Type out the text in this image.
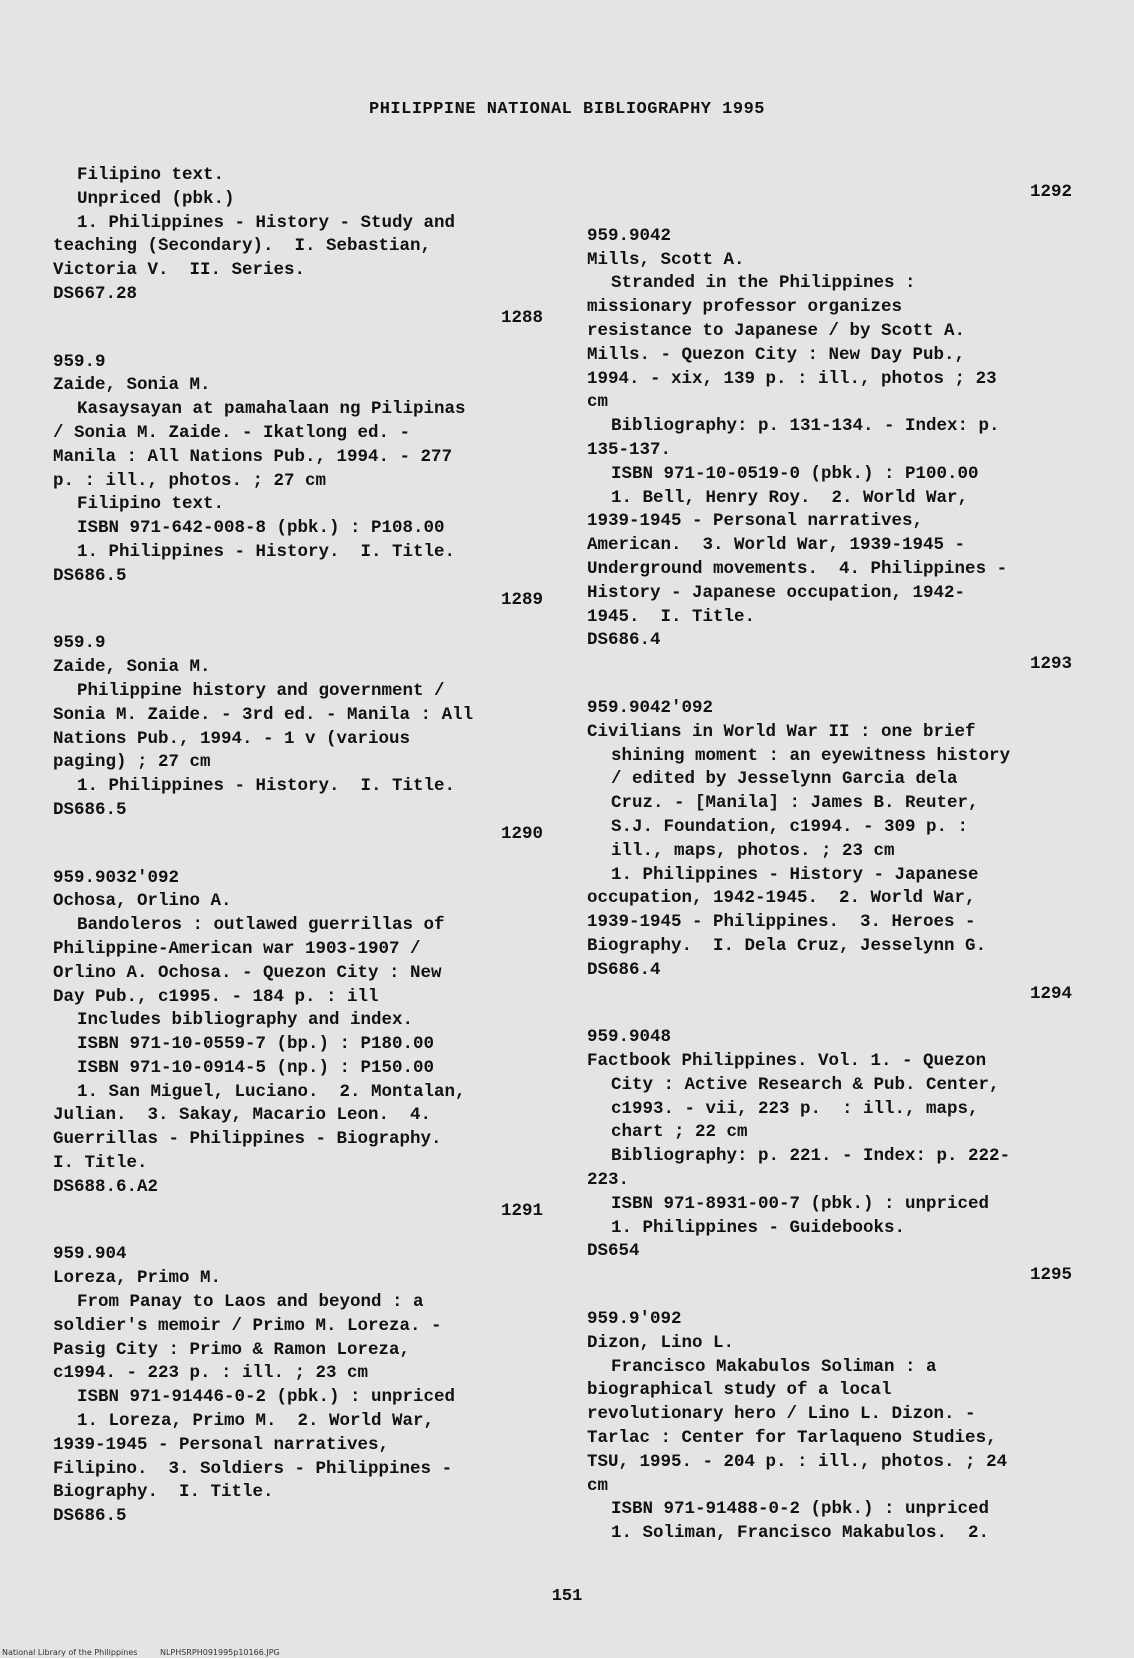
PHILIPPINE NATIONAL BIBLIOGRAPHY 1995
Filipino text.
Unpriced (pbk.)
1. Philippines - History - Study and
teaching (Secondary).  I. Sebastian,
Victoria V.  II. Series.
DS667.28
1288
959.9
Zaide, Sonia M.
Kasaysayan at pamahalaan ng Pilipinas
/ Sonia M. Zaide. - Ikatlong ed. -
Manila : All Nations Pub., 1994. - 277
p. : ill., photos. ; 27 cm
Filipino text.
ISBN 971-642-008-8 (pbk.) : P108.00
1. Philippines - History.  I. Title.
DS686.5
1289
959.9
Zaide, Sonia M.
Philippine history and government /
Sonia M. Zaide. - 3rd ed. - Manila : All
Nations Pub., 1994. - 1 v (various
paging) ; 27 cm
1. Philippines - History.  I. Title.
DS686.5
1290
959.9032'092
Ochosa, Orlino A.
Bandoleros : outlawed guerrillas of
Philippine-American war 1903-1907 /
Orlino A. Ochosa. - Quezon City : New
Day Pub., c1995. - 184 p. : ill
Includes bibliography and index.
ISBN 971-10-0559-7 (bp.) : P180.00
ISBN 971-10-0914-5 (np.) : P150.00
1. San Miguel, Luciano.  2. Montalan,
Julian.  3. Sakay, Macario Leon.  4.
Guerrillas - Philippines - Biography.
I. Title.
DS688.6.A2
1291
959.904
Loreza, Primo M.
From Panay to Laos and beyond : a
soldier's memoir / Primo M. Loreza. -
Pasig City : Primo & Ramon Loreza,
c1994. - 223 p. : ill. ; 23 cm
ISBN 971-91446-0-2 (pbk.) : unpriced
1. Loreza, Primo M.  2. World War,
1939-1945 - Personal narratives,
Filipino.  3. Soldiers - Philippines -
Biography.  I. Title.
DS686.5
1292
959.9042
Mills, Scott A.
Stranded in the Philippines :
missionary professor organizes
resistance to Japanese / by Scott A.
Mills. - Quezon City : New Day Pub.,
1994. - xix, 139 p. : ill., photos ; 23
cm
Bibliography: p. 131-134. - Index: p.
135-137.
ISBN 971-10-0519-0 (pbk.) : P100.00
1. Bell, Henry Roy.  2. World War,
1939-1945 - Personal narratives,
American.  3. World War, 1939-1945 -
Underground movements.  4. Philippines -
History - Japanese occupation, 1942-
1945.  I. Title.
DS686.4
1293
959.9042'092
Civilians in World War II : one brief
shining moment : an eyewitness history
/ edited by Jesselynn Garcia dela
Cruz. - [Manila] : James B. Reuter,
S.J. Foundation, c1994. - 309 p. :
ill., maps, photos. ; 23 cm
1. Philippines - History - Japanese
occupation, 1942-1945.  2. World War,
1939-1945 - Philippines.  3. Heroes -
Biography.  I. Dela Cruz, Jesselynn G.
DS686.4
1294
959.9048
Factbook Philippines. Vol. 1. - Quezon
City : Active Research & Pub. Center,
c1993. - vii, 223 p.  : ill., maps,
chart ; 22 cm
Bibliography: p. 221. - Index: p. 222-
223.
ISBN 971-8931-00-7 (pbk.) : unpriced
1. Philippines - Guidebooks.
DS654
1295
959.9'092
Dizon, Lino L.
Francisco Makabulos Soliman : a
biographical study of a local
revolutionary hero / Lino L. Dizon. -
Tarlac : Center for Tarlaqueno Studies,
TSU, 1995. - 204 p. : ill., photos. ; 24
cm
ISBN 971-91488-0-2 (pbk.) : unpriced
1. Soliman, Francisco Makabulos.  2.
151
National Library of the Philippines	NLPHSRPH091995p10166.JPG
